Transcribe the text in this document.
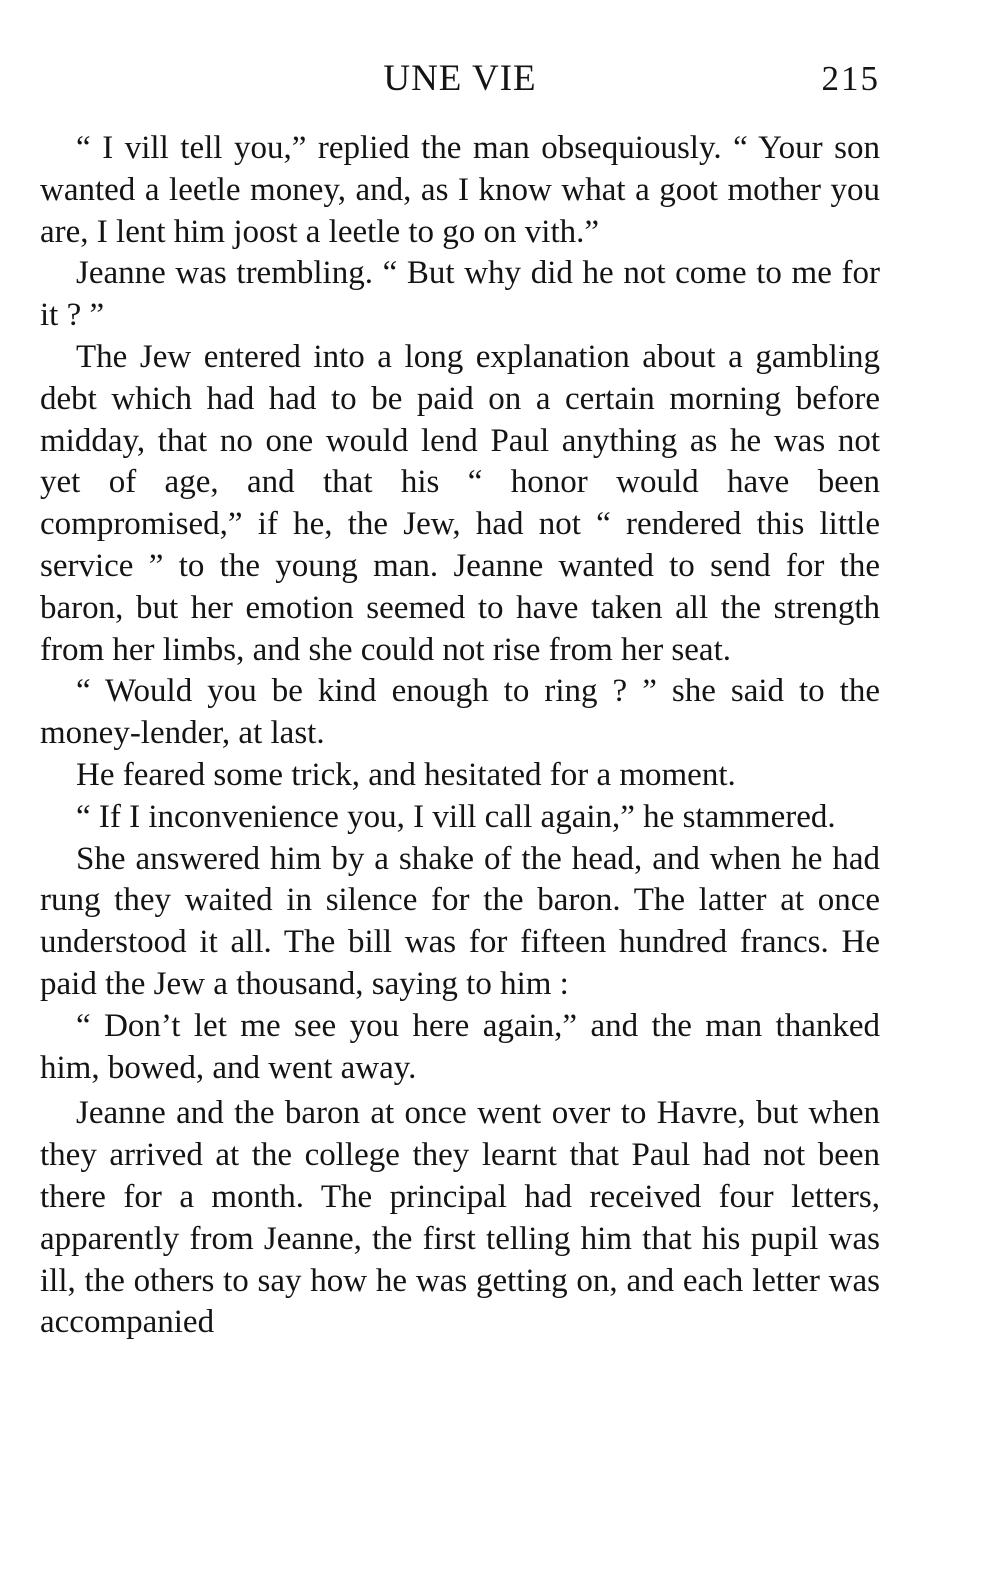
UNE VIE	215

“ I vill tell you,” replied the man obsequiously. “ Your son wanted a leetle money, and, as I know what a goot mother you are, I lent him joost a leetle to go on vith.”

Jeanne was trembling. “ But why did he not come to me for it ? ”

The Jew entered into a long explanation about a gambling debt which had had to be paid on a certain morning before midday, that no one would lend Paul anything as he was not yet of age, and that his “ honor would have been compromised,” if he, the Jew, had not “ rendered this little service ” to the young man. Jeanne wanted to send for the baron, but her emotion seemed to have taken all the strength from her limbs, and she could not rise from her seat.

“ Would you be kind enough to ring ? ” she said to the money-lender, at last.

He feared some trick, and hesitated for a moment.

“ If I inconvenience you, I vill call again,” he stammered.

She answered him by a shake of the head, and when he had rung they waited in silence for the baron. The latter at once understood it all. The bill was for fifteen hundred francs. He paid the Jew a thousand, saying to him :

“ Don’t let me see you here again,” and the man thanked him, bowed, and went away.

Jeanne and the baron at once went over to Havre, but when they arrived at the college they learnt that Paul had not been there for a month. The principal had received four letters, apparently from Jeanne, the first telling him that his pupil was ill, the others to say how he was getting on, and each letter was accompanied
